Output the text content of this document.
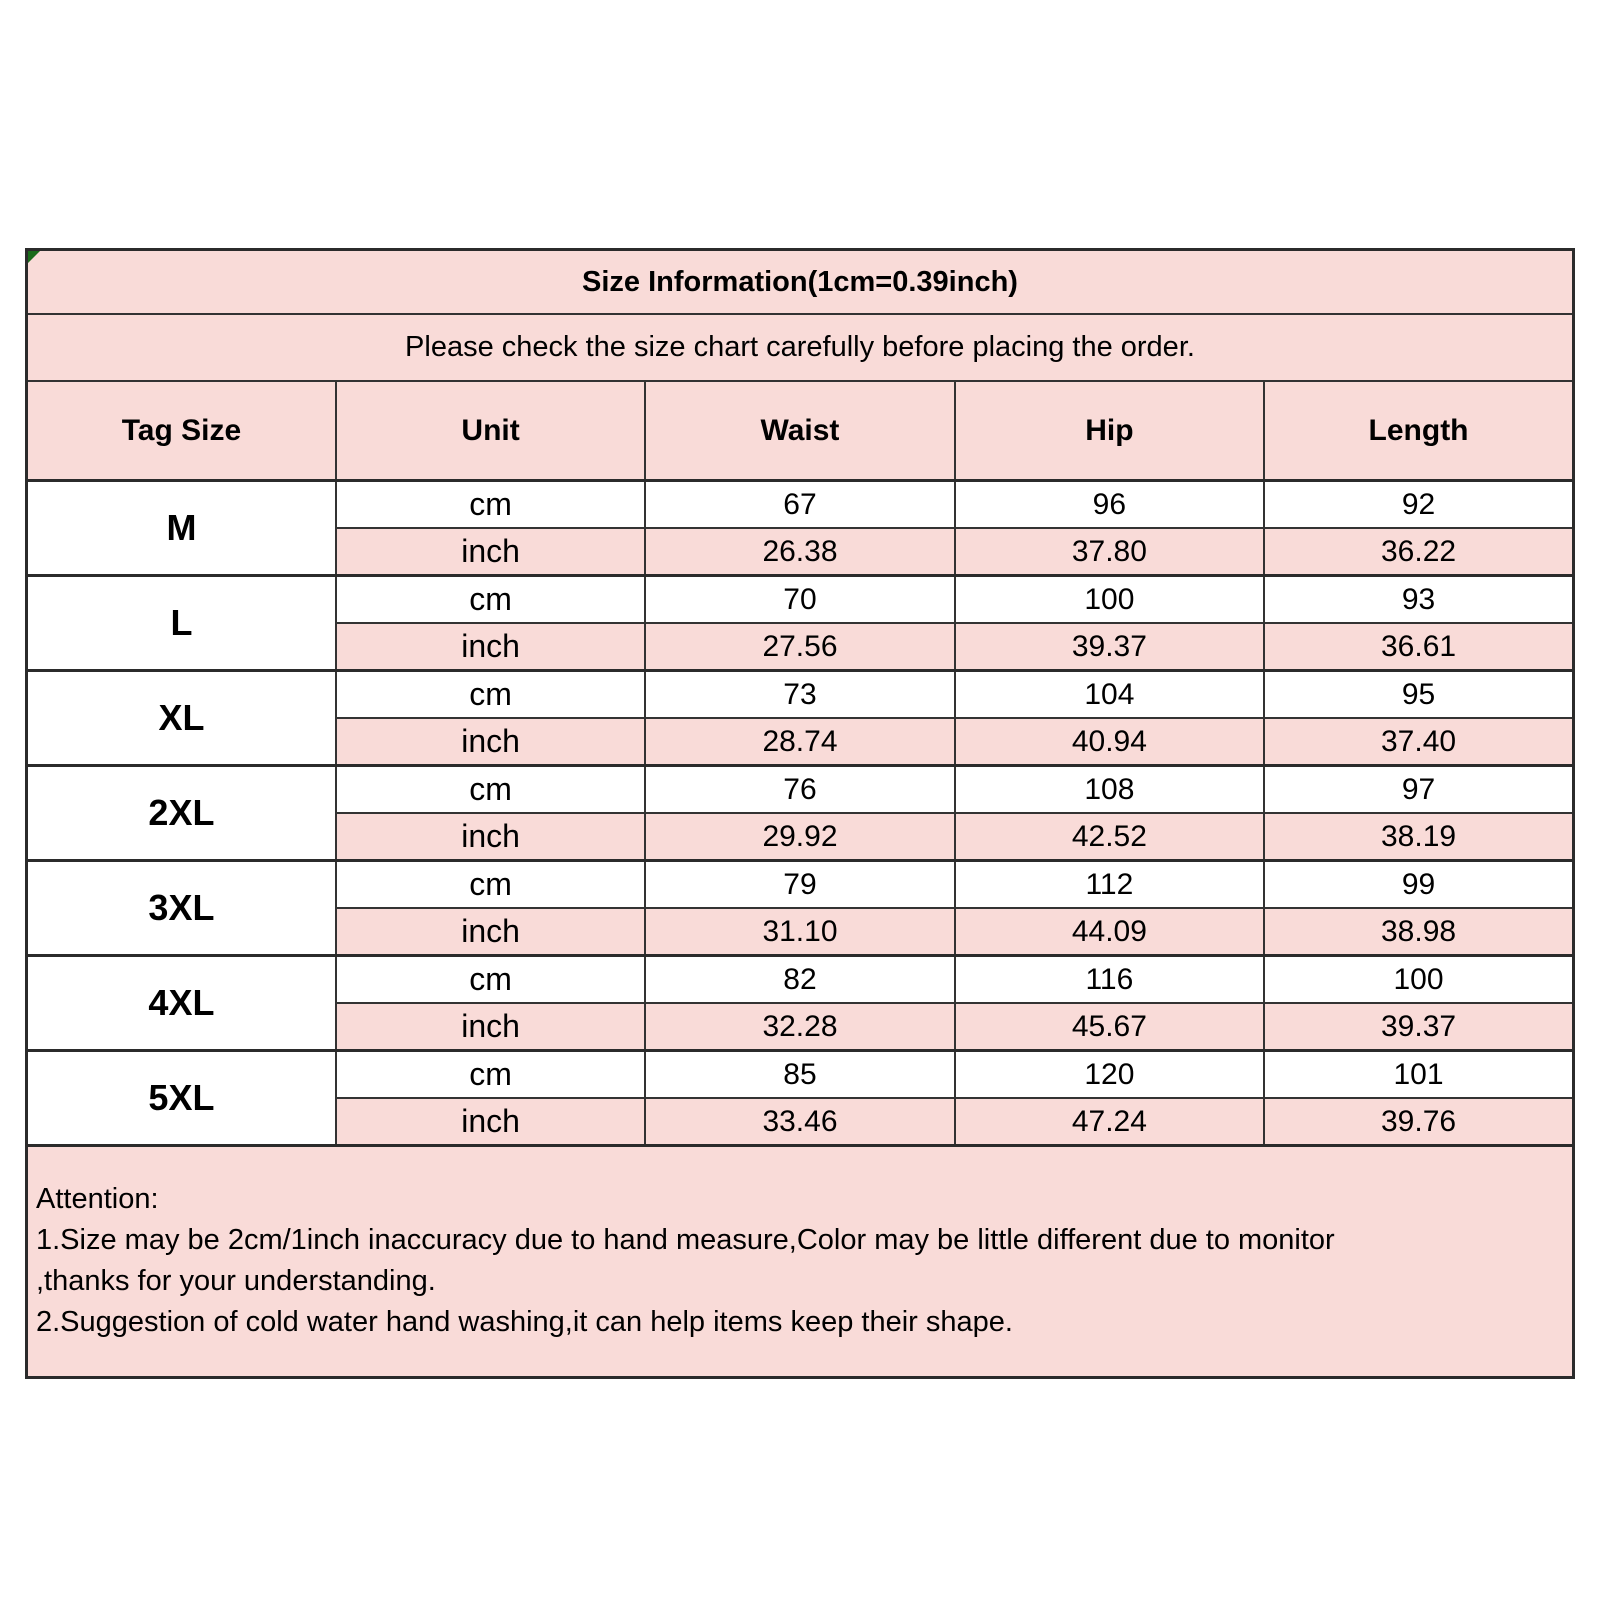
Size Information(1cm=0.39inch)				
Please check the size chart carefully before placing the order.				
Tag Size	Unit	Waist	Hip	Length
M	cm	67	96	92
	inch	26.38	37.80	36.22
L	cm	70	100	93
	inch	27.56	39.37	36.61
XL	cm	73	104	95
	inch	28.74	40.94	37.40
2XL	cm	76	108	97
	inch	29.92	42.52	38.19
3XL	cm	79	112	99
	inch	31.10	44.09	38.98
4XL	cm	82	116	100
	inch	32.28	45.67	39.37
5XL	cm	85	120	101
	inch	33.46	47.24	39.76

Attention:
1.Size may be 2cm/1inch inaccuracy due to hand measure,Color may be little different due to monitor
,thanks for your understanding.
2.Suggestion of cold water hand washing,it can help items keep their shape.				
